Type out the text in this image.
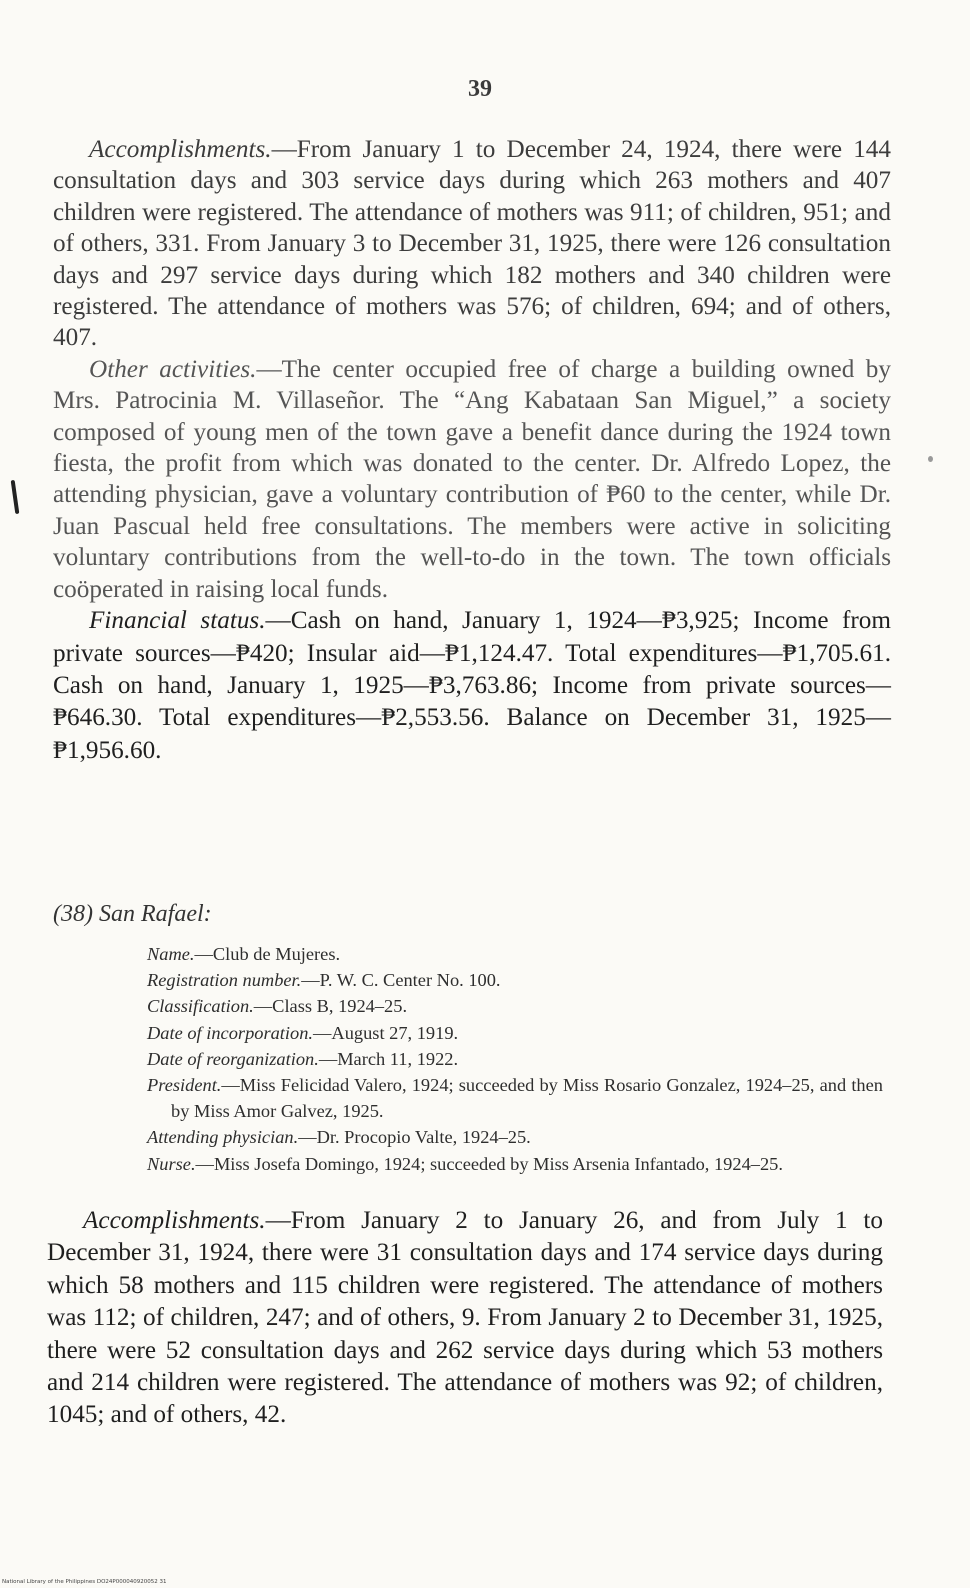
39

Accomplishments.—From January 1 to December 24, 1924, there were 144 consultation days and 303 service days during which 263 mothers and 407 children were registered. The attendance of mothers was 911; of children, 951; and of others, 331. From January 3 to December 31, 1925, there were 126 consultation days and 297 service days during which 182 mothers and 340 children were registered. The attendance of mothers was 576; of children, 694; and of others, 407.

Other activities.—The center occupied free of charge a building owned by Mrs. Patrocinia M. Villaseñor. The “Ang Kabataan San Miguel,” a society composed of young men of the town gave a benefit dance during the 1924 town fiesta, the profit from which was donated to the center. Dr. Alfredo Lopez, the attending physician, gave a voluntary contribution of ₱60 to the center, while Dr. Juan Pascual held free consultations. The members were active in soliciting voluntary contributions from the well-to-do in the town. The town officials coöperated in raising local funds.

Financial status.—Cash on hand, January 1, 1924—₱3,925; Income from private sources—₱420; Insular aid—₱1,124.47. Total expenditures—₱1,705.61. Cash on hand, January 1, 1925—₱3,763.86; Income from private sources—₱646.30. Total expenditures—₱2,553.56. Balance on December 31, 1925—₱1,956.60.

(38) San Rafael:

Name.—Club de Mujeres.

Registration number.—P. W. C. Center No. 100.

Classification.—Class B, 1924–25.

Date of incorporation.—August 27, 1919.

Date of reorganization.—March 11, 1922.

President.—Miss Felicidad Valero, 1924; succeeded by Miss Rosario Gonzalez, 1924–25, and then by Miss Amor Galvez, 1925.

Attending physician.—Dr. Procopio Valte, 1924–25.

Nurse.—Miss Josefa Domingo, 1924; succeeded by Miss Arsenia Infantado, 1924–25.

Accomplishments.—From January 2 to January 26, and from July 1 to December 31, 1924, there were 31 consultation days and 174 service days during which 58 mothers and 115 children were registered. The attendance of mothers was 112; of children, 247; and of others, 9. From January 2 to December 31, 1925, there were 52 consultation days and 262 service days during which 53 mothers and 214 children were registered. The attendance of mothers was 92; of children, 1045; and of others, 42.

National Library of the Philippines DO24P000040920052 31
